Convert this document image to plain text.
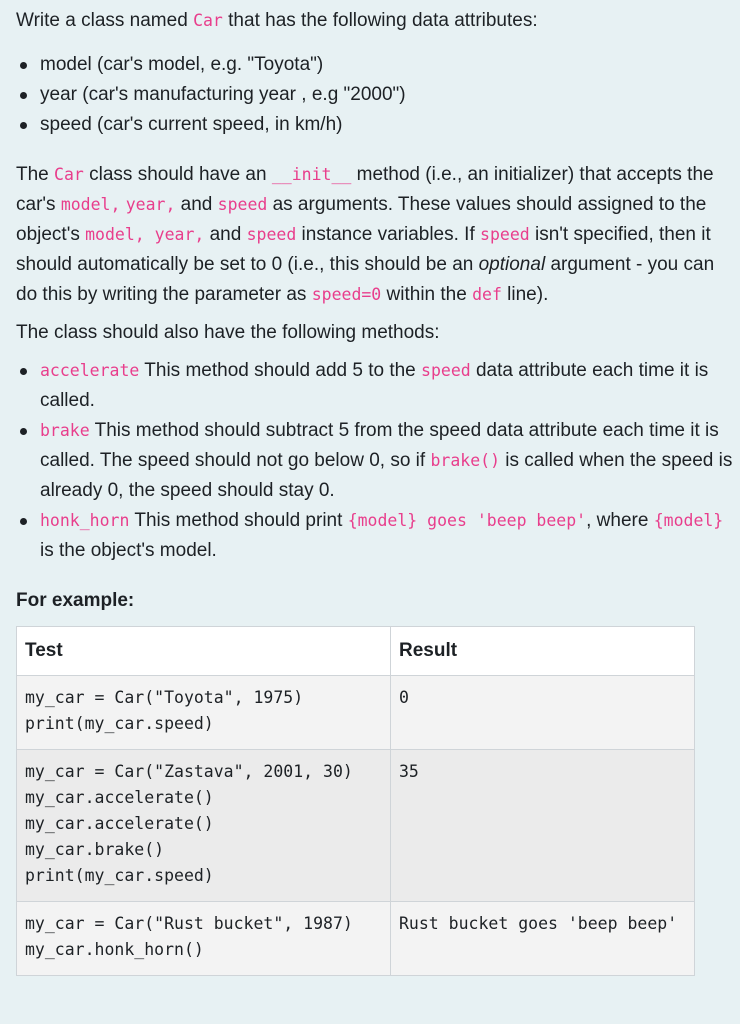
Write a class named Car that has the following data attributes:

model (car's model, e.g. "Toyota")
year (car's manufacturing year , e.g "2000")
speed (car's current speed, in km/h)

The Car class should have an __init__ method (i.e., an initializer) that accepts the car's model, year, and speed as arguments. These values should assigned to the object's model, year, and speed instance variables. If speed isn't specified, then it should automatically be set to 0 (i.e., this should be an optional argument - you can do this by writing the parameter as speed=0 within the def line).

The class should also have the following methods:

accelerate This method should add 5 to the speed data attribute each time it is called.
brake This method should subtract 5 from the speed data attribute each time it is called. The speed should not go below 0, so if brake() is called when the speed is already 0, the speed should stay 0.
honk_horn This method should print {model} goes 'beep beep', where {model} is the object's model.

For example:

Test	Result

my_car = Car("Toyota", 1975)
print(my_car.speed)	0

my_car = Car("Zastava", 2001, 30)
my_car.accelerate()
my_car.accelerate()
my_car.brake()
print(my_car.speed)	35

my_car = Car("Rust bucket", 1987)
my_car.honk_horn()	Rust bucket goes 'beep beep'
